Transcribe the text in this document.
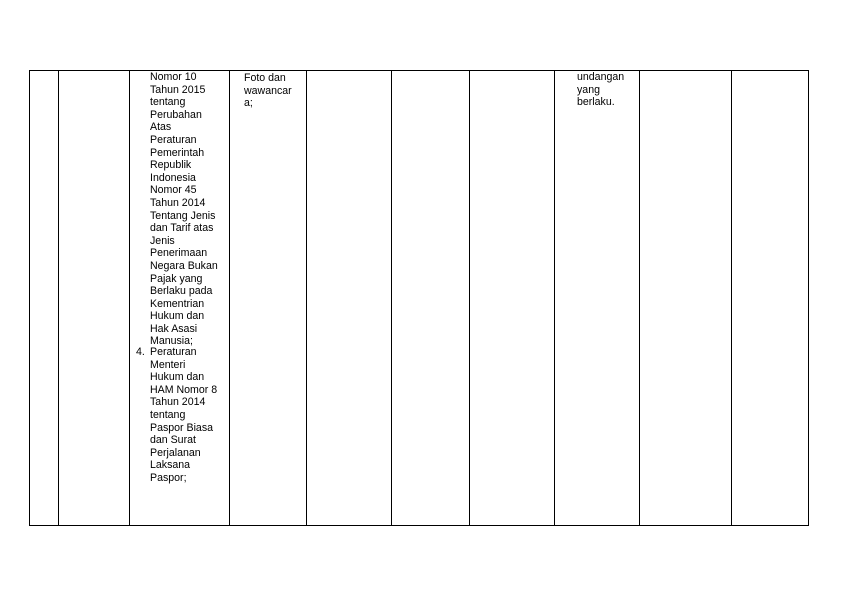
Nomor 10
Tahun 2015
tentang
Perubahan
Atas
Peraturan
Pemerintah
Republik
Indonesia
Nomor 45
Tahun 2014
Tentang Jenis
dan Tarif atas
Jenis
Penerimaan
Negara Bukan
Pajak yang
Berlaku pada
Kementrian
Hukum dan
Hak Asasi
Manusia;
4. Peraturan
Menteri
Hukum dan
HAM Nomor 8
Tahun 2014
tentang
Paspor Biasa
dan Surat
Perjalanan
Laksana
Paspor;
Foto dan
wawancar
a;
undangan
yang
berlaku.
